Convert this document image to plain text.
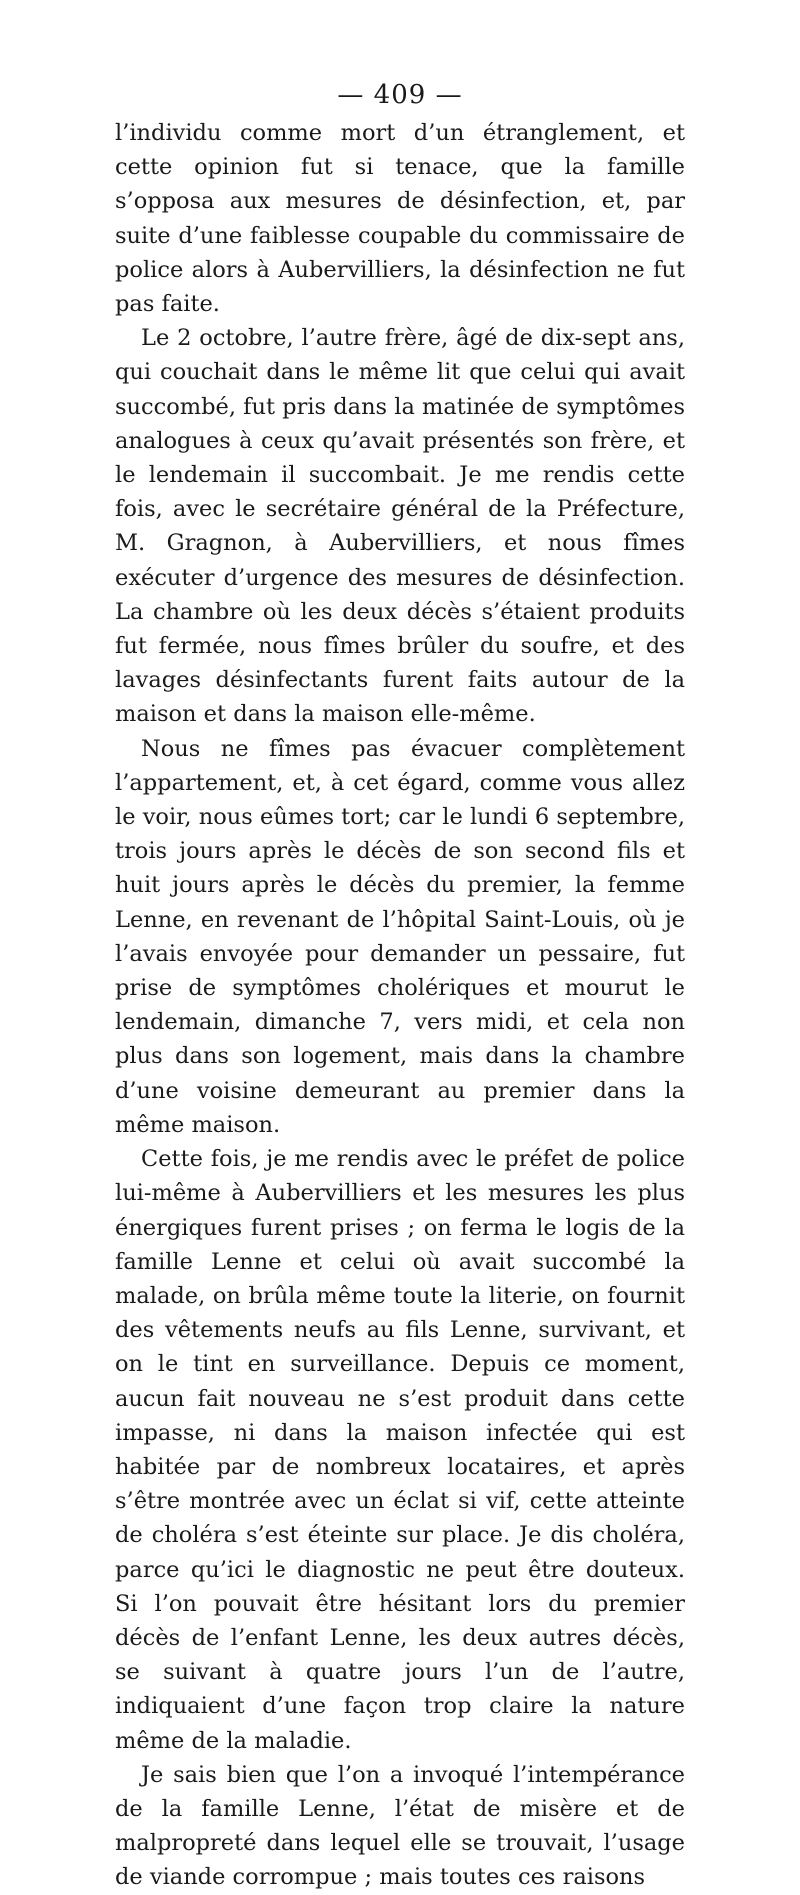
— 409 —

l’individu comme mort d’un étranglement, et cette opinion fut si tenace, que la famille s’opposa aux mesures de désinfection, et, par suite d’une faiblesse coupable du commissaire de police alors à Aubervilliers, la désinfection ne fut pas faite.

Le 2 octobre, l’autre frère, âgé de dix-sept ans, qui couchait dans le même lit que celui qui avait succombé, fut pris dans la matinée de symptômes analogues à ceux qu’avait présentés son frère, et le lendemain il succombait. Je me rendis cette fois, avec le secrétaire général de la Préfecture, M. Gragnon, à Aubervilliers, et nous fîmes exécuter d’urgence des mesures de désinfection. La chambre où les deux décès s’étaient produits fut fermée, nous fîmes brûler du soufre, et des lavages désinfectants furent faits autour de la maison et dans la maison elle-même.

Nous ne fîmes pas évacuer complètement l’appartement, et, à cet égard, comme vous allez le voir, nous eûmes tort; car le lundi 6 septembre, trois jours après le décès de son second fils et huit jours après le décès du premier, la femme Lenne, en revenant de l’hôpital Saint-Louis, où je l’avais envoyée pour demander un pessaire, fut prise de symptômes cholériques et mourut le lendemain, dimanche 7, vers midi, et cela non plus dans son logement, mais dans la chambre d’une voisine demeurant au premier dans la même maison.

Cette fois, je me rendis avec le préfet de police lui-même à Aubervilliers et les mesures les plus énergiques furent prises ; on ferma le logis de la famille Lenne et celui où avait succombé la malade, on brûla même toute la literie, on fournit des vêtements neufs au fils Lenne, survivant, et on le tint en surveillance. Depuis ce moment, aucun fait nouveau ne s’est produit dans cette impasse, ni dans la maison infectée qui est habitée par de nombreux locataires, et après s’être montrée avec un éclat si vif, cette atteinte de choléra s’est éteinte sur place. Je dis choléra, parce qu’ici le diagnostic ne peut être douteux. Si l’on pouvait être hésitant lors du premier décès de l’enfant Lenne, les deux autres décès, se suivant à quatre jours l’un de l’autre, indiquaient d’une façon trop claire la nature même de la maladie.

Je sais bien que l’on a invoqué l’intempérance de la famille Lenne, l’état de misère et de malpropreté dans lequel elle se trouvait, l’usage de viande corrompue ; mais toutes ces raisons
